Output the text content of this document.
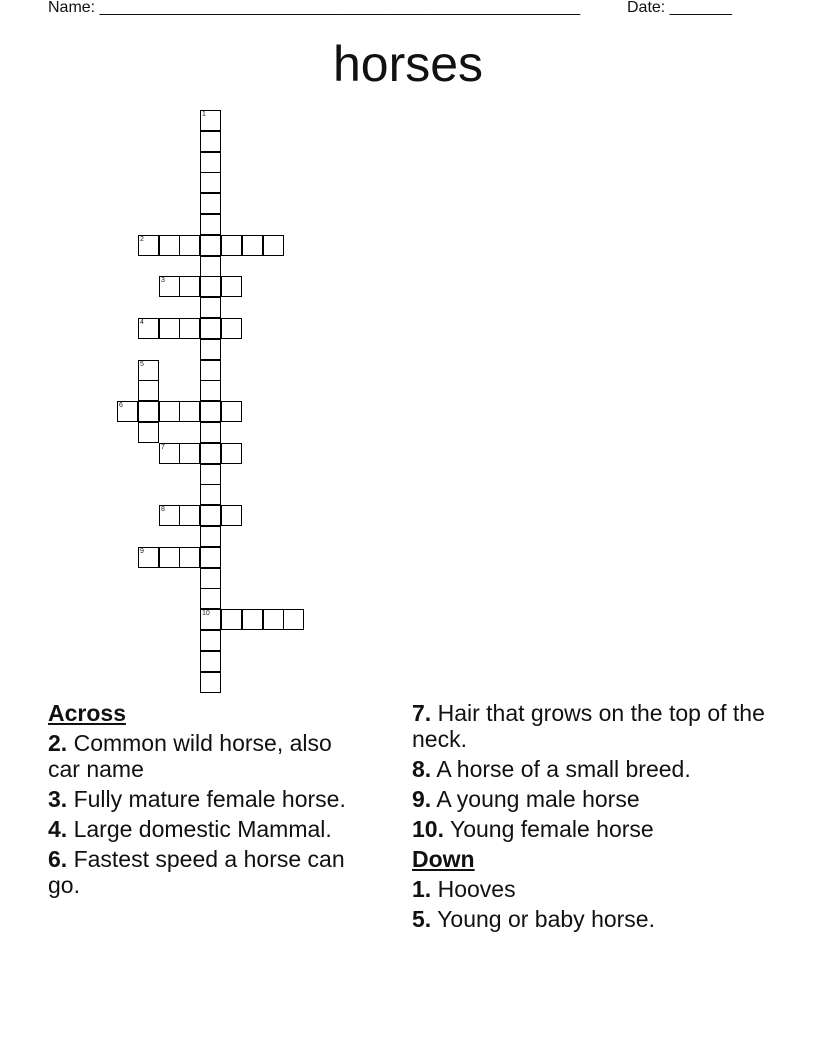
Name: ______________________________________________________	Date: _______
horses
1
2
3
4
5
6
7
8
9
10
Across
2. Common wild horse, also car name
3. Fully mature female horse.
4. Large domestic Mammal.
6. Fastest speed a horse can go.
7. Hair that grows on the top of the neck.
8. A horse of a small breed.
9. A young male horse
10. Young female horse
Down
1. Hooves
5. Young or baby horse.
